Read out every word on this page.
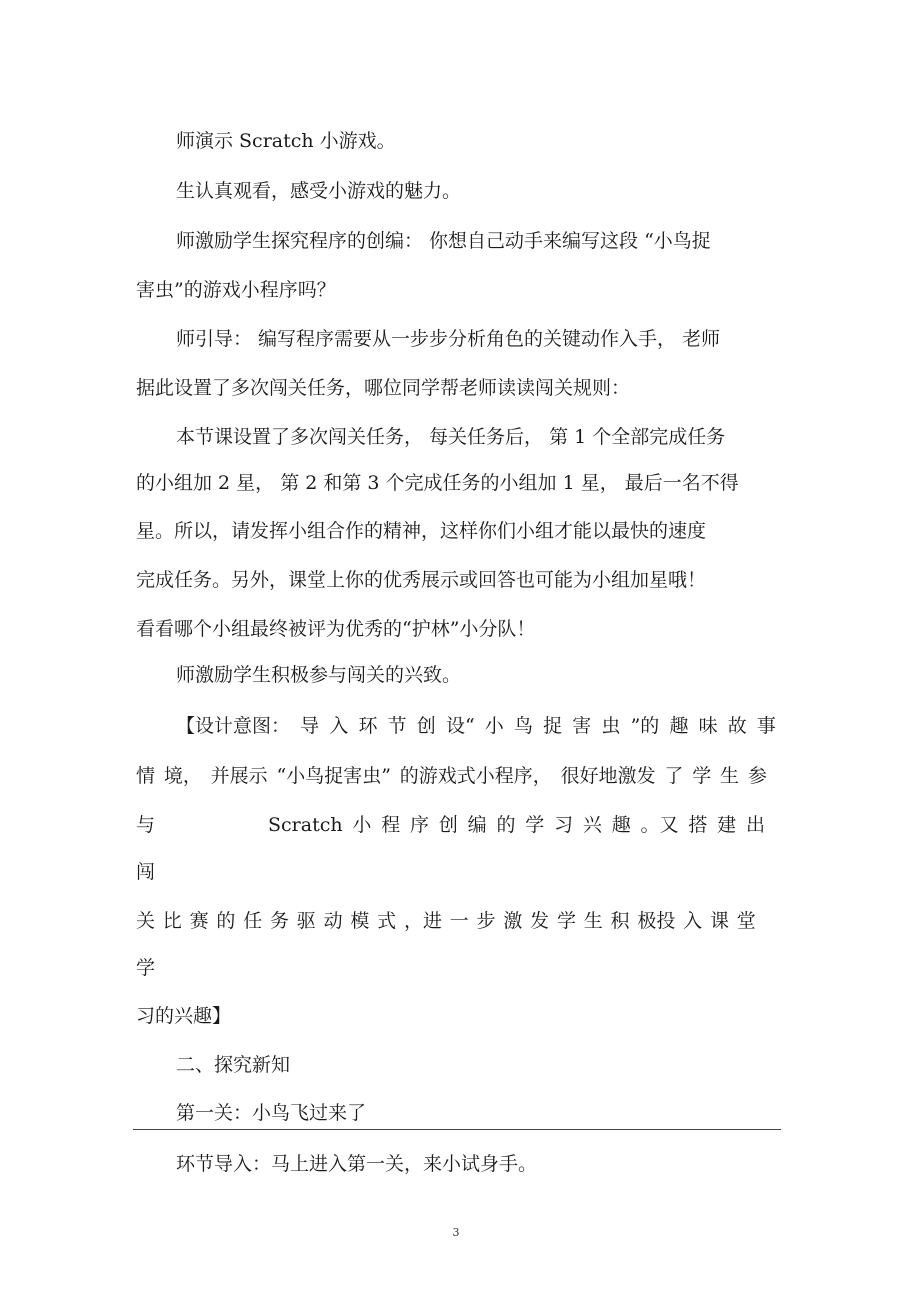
师演示 Scratch 小游戏。

生认真观看，感受小游戏的魅力。

师激励学生探究程序的创编： 你想自己动手来编写这段 “小鸟捉

害虫”的游戏小程序吗？

师引导： 编写程序需要从一步步分析角色的关键动作入手， 老师

据此设置了多次闯关任务，哪位同学帮老师读读闯关规则：

本节课设置了多次闯关任务， 每关任务后， 第 1 个全部完成任务

的小组加 2 星， 第 2 和第 3 个完成任务的小组加 1 星， 最后一名不得

星。所以，请发挥小组合作的精神，这样你们小组才能以最快的速度

完成任务。另外，课堂上你的优秀展示或回答也可能为小组加星哦！

看看哪个小组最终被评为优秀的“护林”小分队！

师激励学生积极参与闯关的兴致。

【设计意图： 导 入 环 节 创 设“ 小 鸟 捉 害 虫 ”的 趣 味 故 事

情 境， 并展示 “小鸟捉害虫” 的游戏式小程序， 很好地激发 了 学 生 参

与	Scratch 小 程 序 创 编 的 学 习 兴 趣 。又 搭 建 出

闯

关 比 赛 的 任 务 驱 动 模 式 ，进 一 步 激 发 学 生 积 极投 入 课 堂

学

习的兴趣】

二、探究新知

第一关：小鸟飞过来了

环节导入：马上进入第一关，来小试身手。

3
